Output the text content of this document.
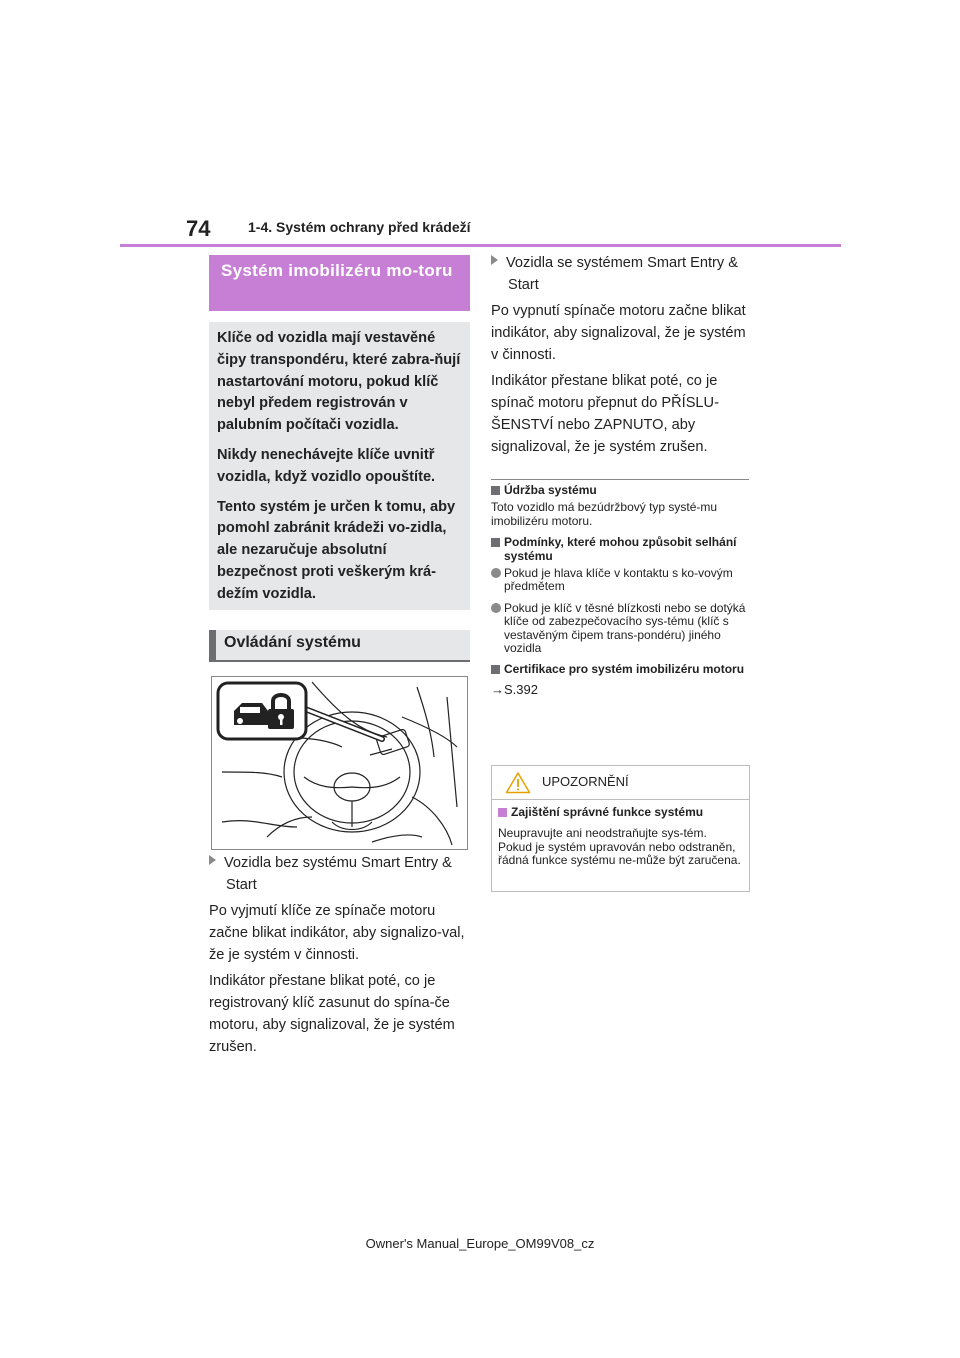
74	1-4. Systém ochrany před krádeží
Systém imobilizéru mo-toru

Klíče od vozidla mají vestavěné čipy transpondéru, které zabra-ňují nastartování motoru, pokud klíč nebyl předem registrován v palubním počítači vozidla.

Nikdy nenechávejte klíče uvnitř vozidla, když vozidlo opouštíte.

Tento systém je určen k tomu, aby pomohl zabránit krádeži vo-zidla, ale nezaručuje absolutní bezpečnost proti veškerým krá-dežím vozidla.

Ovládání systému
Vozidla bez systému Smart Entry & Start

Po vyjmutí klíče ze spínače motoru začne blikat indikátor, aby signalizo-val, že je systém v činnosti.

Indikátor přestane blikat poté, co je registrovaný klíč zasunut do spína-če motoru, aby signalizoval, že je systém zrušen.

Vozidla se systémem Smart Entry & Start

Po vypnutí spínače motoru začne blikat indikátor, aby signalizoval, že je systém v činnosti.

Indikátor přestane blikat poté, co je spínač motoru přepnut do PŘÍSLU-ŠENSTVÍ nebo ZAPNUTO, aby signalizoval, že je systém zrušen.

Údržba systému
Toto vozidlo má bezúdržbový typ systé-mu imobilizéru motoru.
Podmínky, které mohou způsobit selhání systému
Pokud je hlava klíče v kontaktu s ko-vovým předmětem
Pokud je klíč v těsné blízkosti nebo se dotýká klíče od zabezpečovacího sys-tému (klíč s vestavěným čipem trans-pondéru) jiného vozidla
Certifikace pro systém imobilizéru motoru
→S.392
UPOZORNĚNÍ
Zajištění správné funkce systému
Neupravujte ani neodstraňujte sys-tém. Pokud je systém upravován nebo odstraněn, řádná funkce systému ne-může být zaručena.
Owner's Manual_Europe_OM99V08_cz
